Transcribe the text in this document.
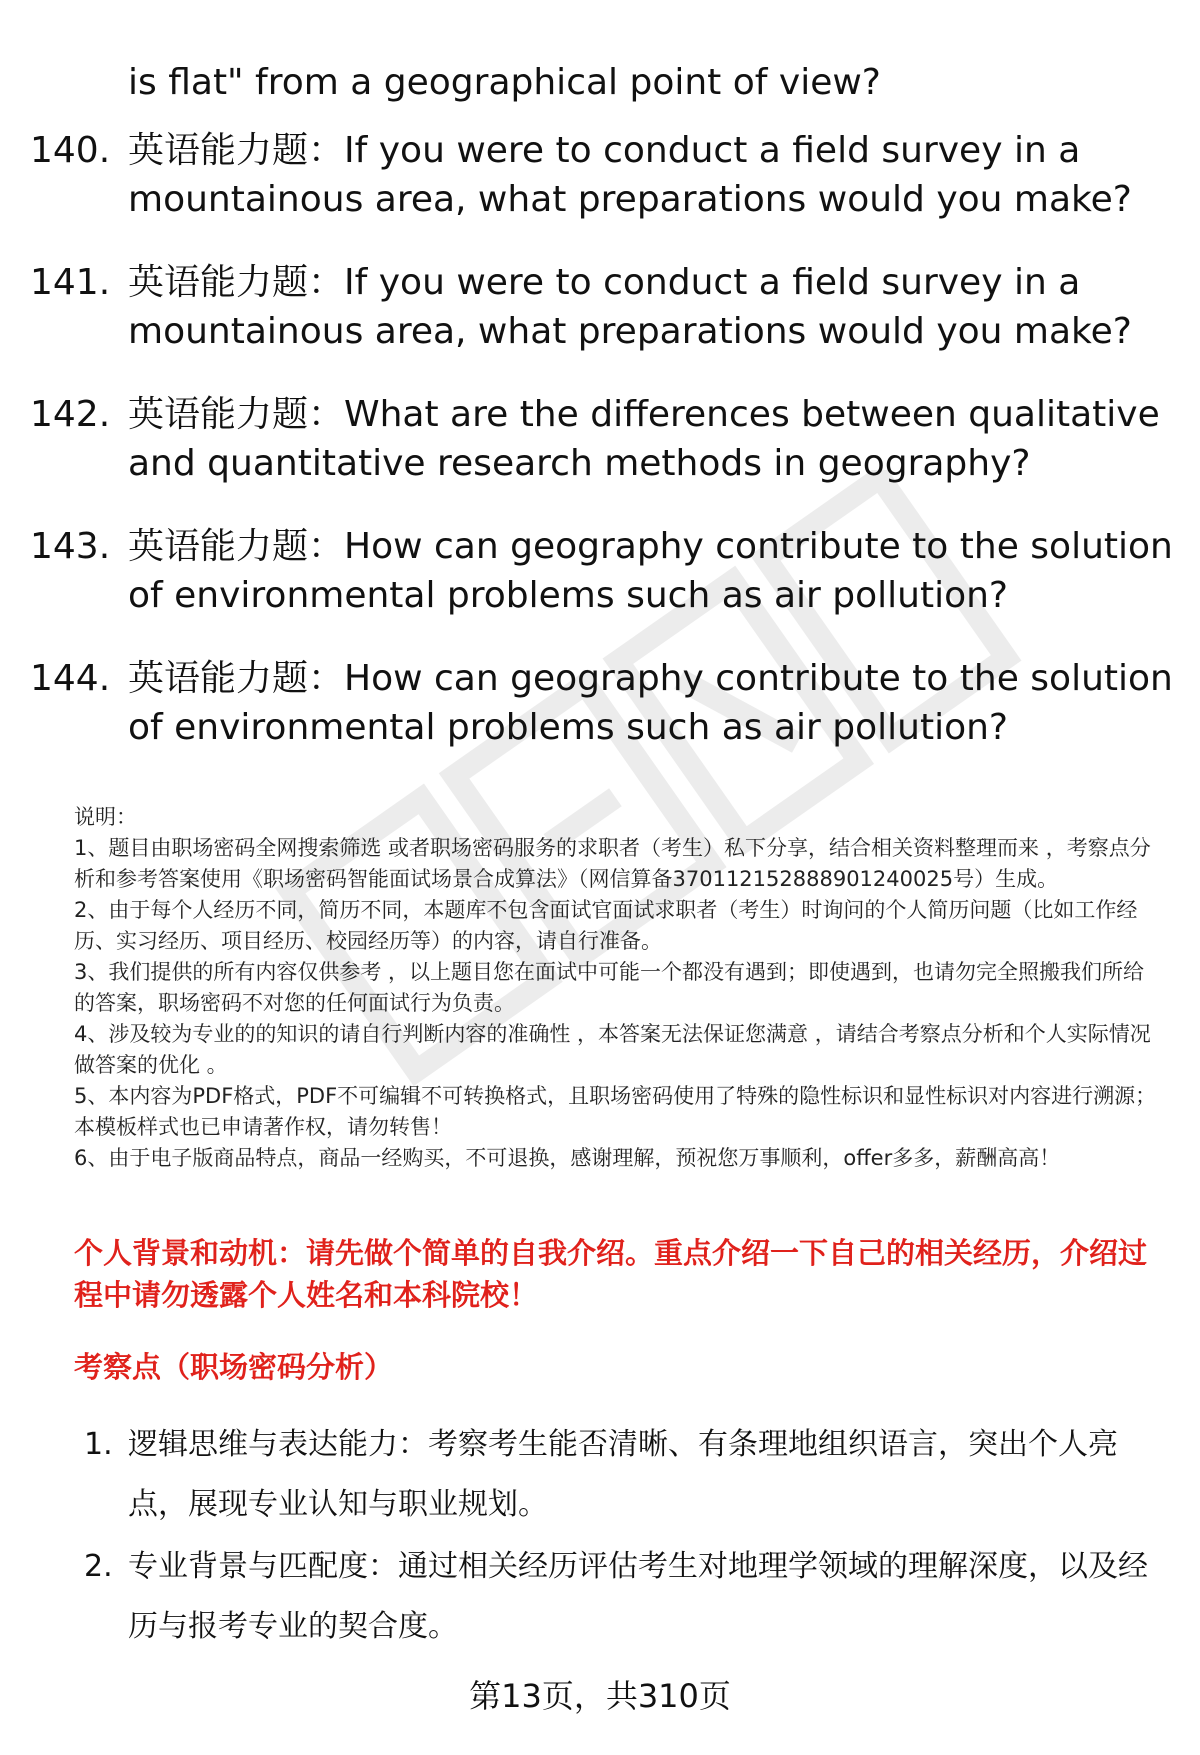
is flat" from a geographical point of view?
140. 英语能力题：If you were to conduct a field survey in a mountainous area, what preparations would you make?
141. 英语能力题：If you were to conduct a field survey in a mountainous area, what preparations would you make?
142. 英语能力题：What are the differences between qualitative and quantitative research methods in geography?
143. 英语能力题：How can geography contribute to the solution of environmental problems such as air pollution?
144. 英语能力题：How can geography contribute to the solution of environmental problems such as air pollution?

说明：

1、题目由职场密码全网搜索筛选 或者职场密码服务的求职者（考生）私下分享，结合相关资料整理而来 ，考察点分析和参考答案使用《职场密码智能面试场景合成算法》（网信算备370112152888901240025号）生成。

2、由于每个人经历不同，简历不同，本题库不包含面试官面试求职者（考生）时询问的个人简历问题（比如工作经历、实习经历、项目经历、校园经历等）的内容，请自行准备。

3、我们提供的所有内容仅供参考 ，以上题目您在面试中可能一个都没有遇到；即使遇到，也请勿完全照搬我们所给的答案，职场密码不对您的任何面试行为负责。

4、涉及较为专业的的知识的请自行判断内容的准确性 ，本答案无法保证您满意 ，请结合考察点分析和个人实际情况做答案的优化 。

5、本内容为PDF格式，PDF不可编辑不可转换格式，且职场密码使用了特殊的隐性标识和显性标识对内容进行溯源；本模板样式也已申请著作权，请勿转售！

6、由于电子版商品特点，商品一经购买，不可退换，感谢理解，预祝您万事顺利，offer多多，薪酬高高！

个人背景和动机：请先做个简单的自我介绍。重点介绍一下自己的相关经历，介绍过程中请勿透露个人姓名和本科院校！
考察点（职场密码分析）
1. 逻辑思维与表达能力：考察考生能否清晰、有条理地组织语言，突出个人亮点，展现专业认知与职业规划。
2. 专业背景与匹配度：通过相关经历评估考生对地理学领域的理解深度，以及经历与报考专业的契合度。
第13页，共310页
